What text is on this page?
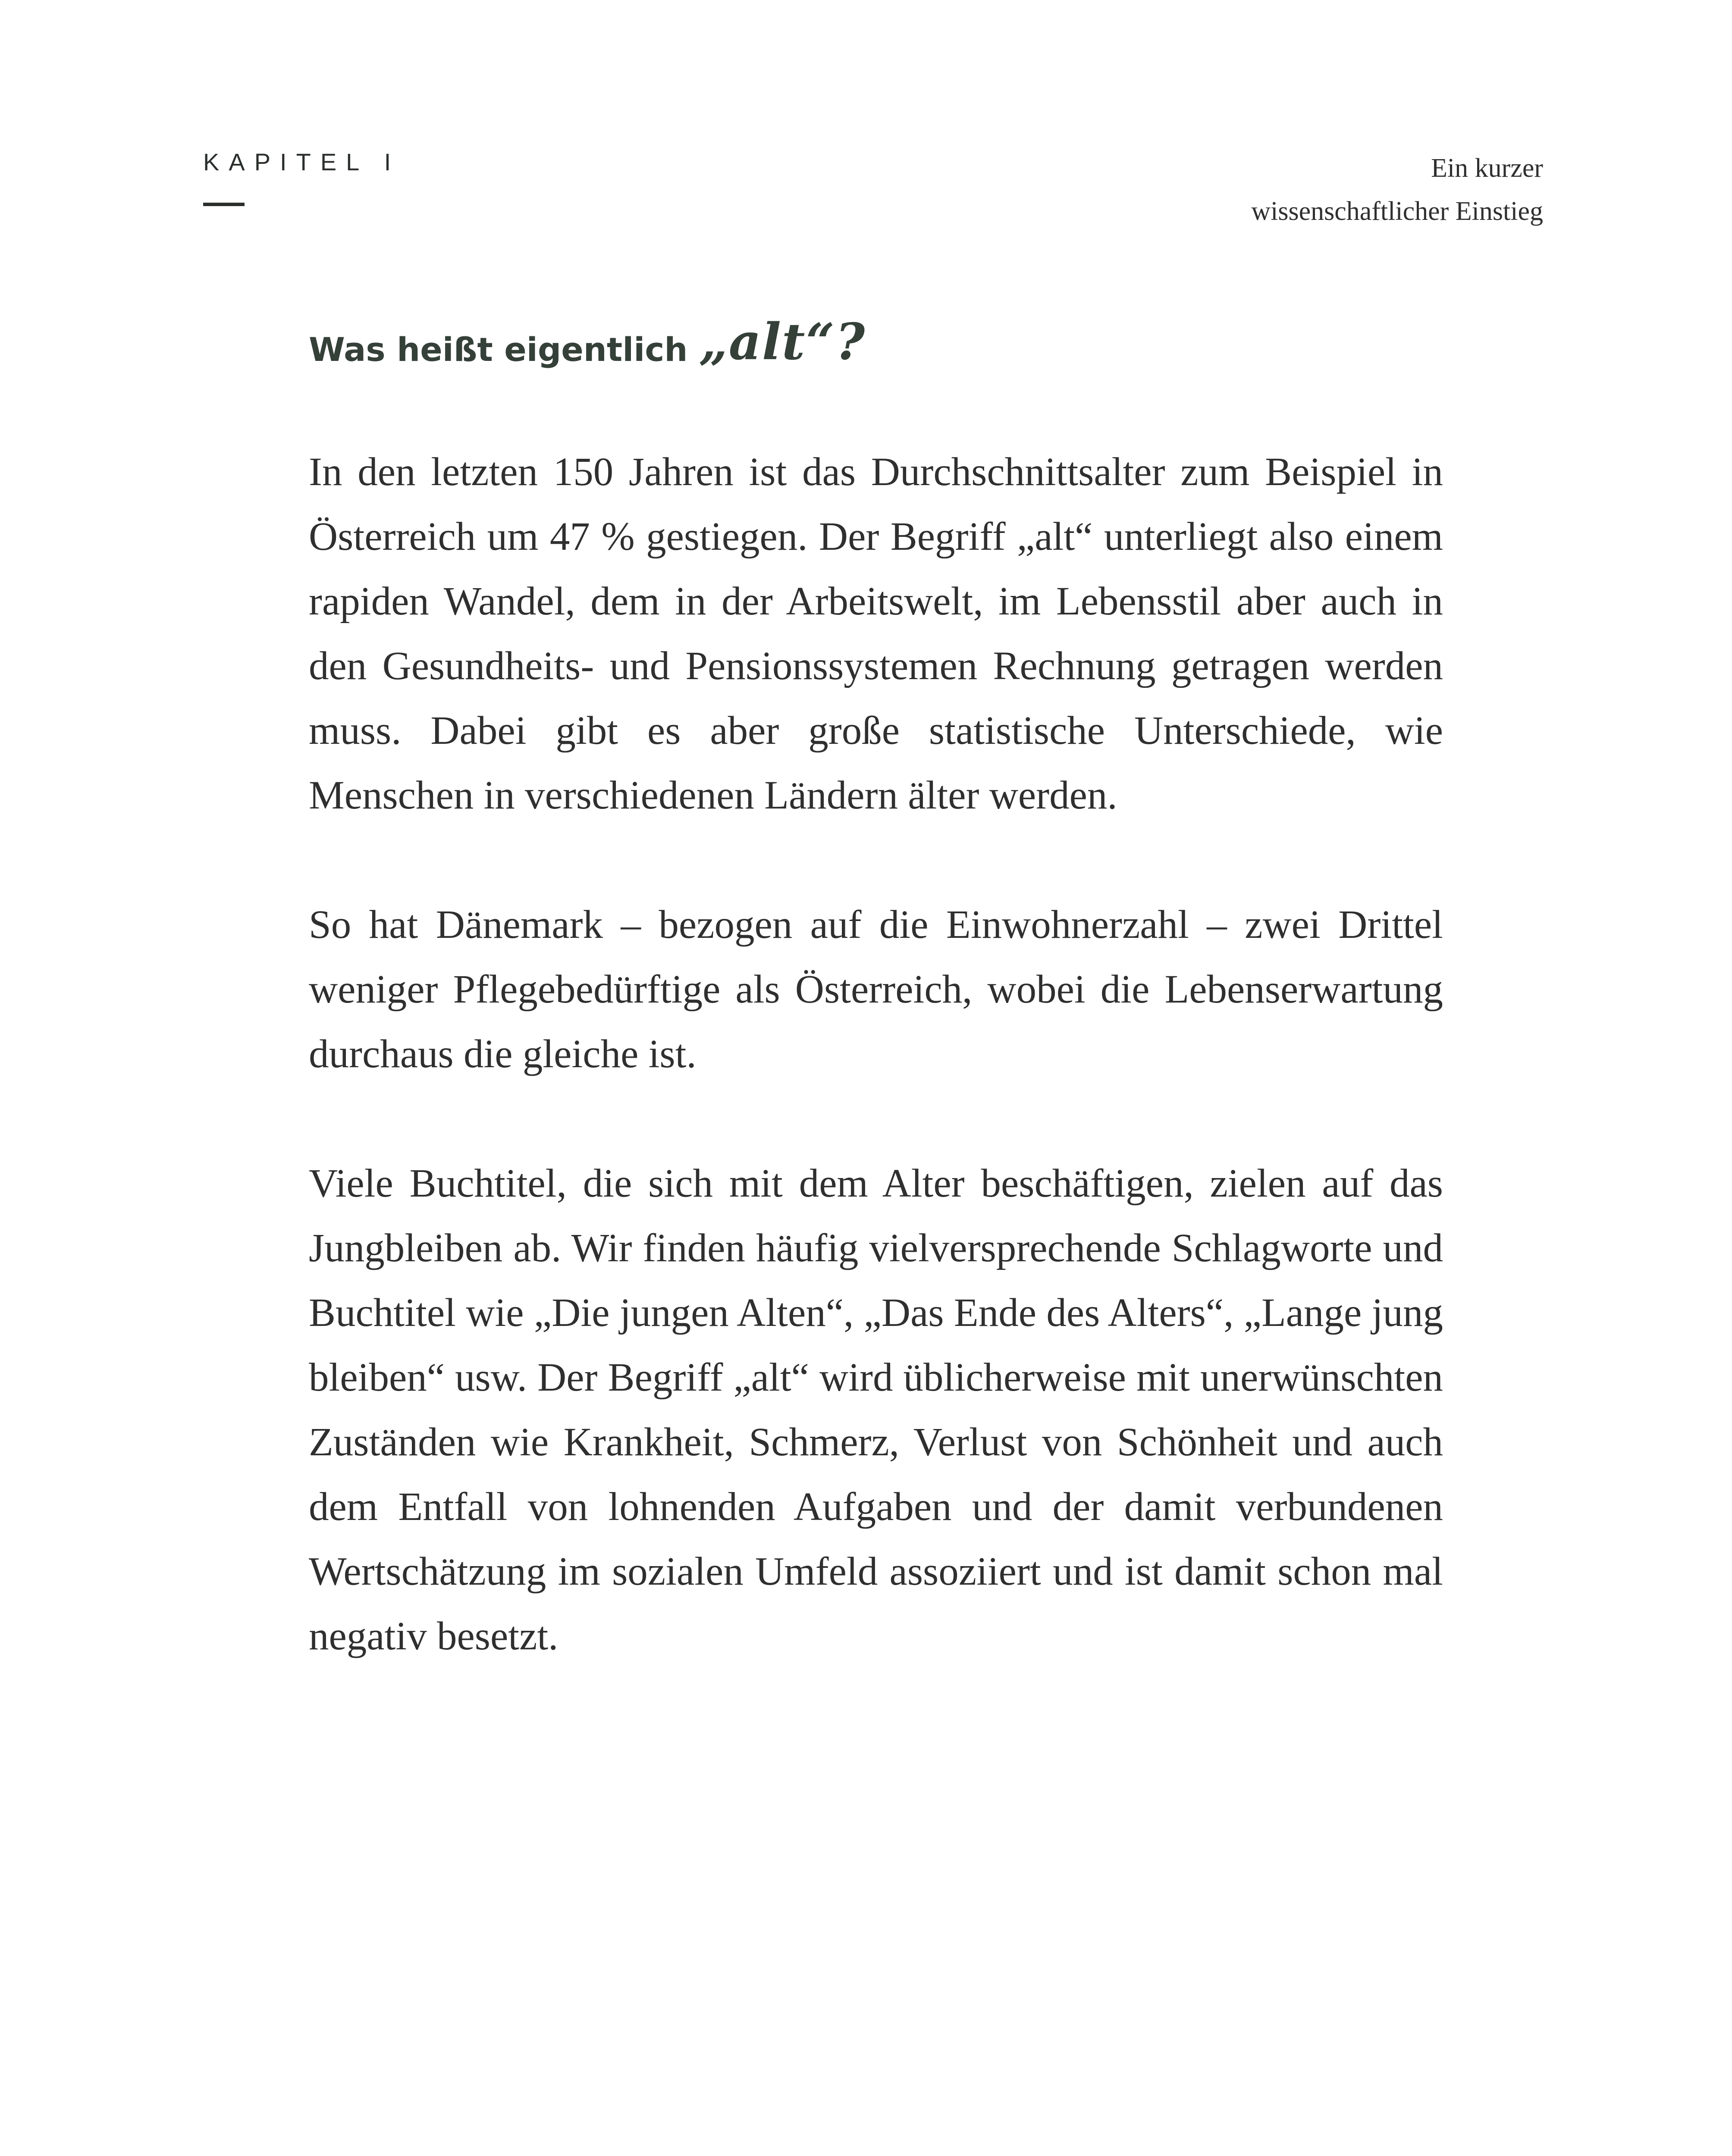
KAPITEL I	Ein kurzer
wissenschaftlicher Einstieg
Was heißt eigentlich „alt“?

In den letzten 150 Jahren ist das Durchschnittsalter zum Beispiel in Österreich um 47 % gestiegen. Der Begriff „alt“ unterliegt also einem rapiden Wandel, dem in der Arbeitswelt, im Lebensstil aber auch in den Gesundheits- und Pensionssystemen Rechnung getragen werden muss. Dabei gibt es aber große statistische Unterschiede, wie Menschen in verschiedenen Ländern älter werden.

So hat Dänemark – bezogen auf die Einwohnerzahl – zwei Drittel weniger Pflegebedürftige als Österreich, wobei die Lebenserwartung durchaus die gleiche ist.

Viele Buchtitel, die sich mit dem Alter beschäftigen, zielen auf das Jungbleiben ab. Wir finden häufig vielversprechende Schlagworte und Buchtitel wie „Die jungen Alten“, „Das Ende des Alters“, „Lange jung bleiben“ usw. Der Begriff „alt“ wird üblicherweise mit unerwünschten Zuständen wie Krankheit, Schmerz, Verlust von Schönheit und auch dem Entfall von lohnenden Aufgaben und der damit verbundenen Wertschätzung im sozialen Umfeld assoziiert und ist damit schon mal negativ besetzt.
